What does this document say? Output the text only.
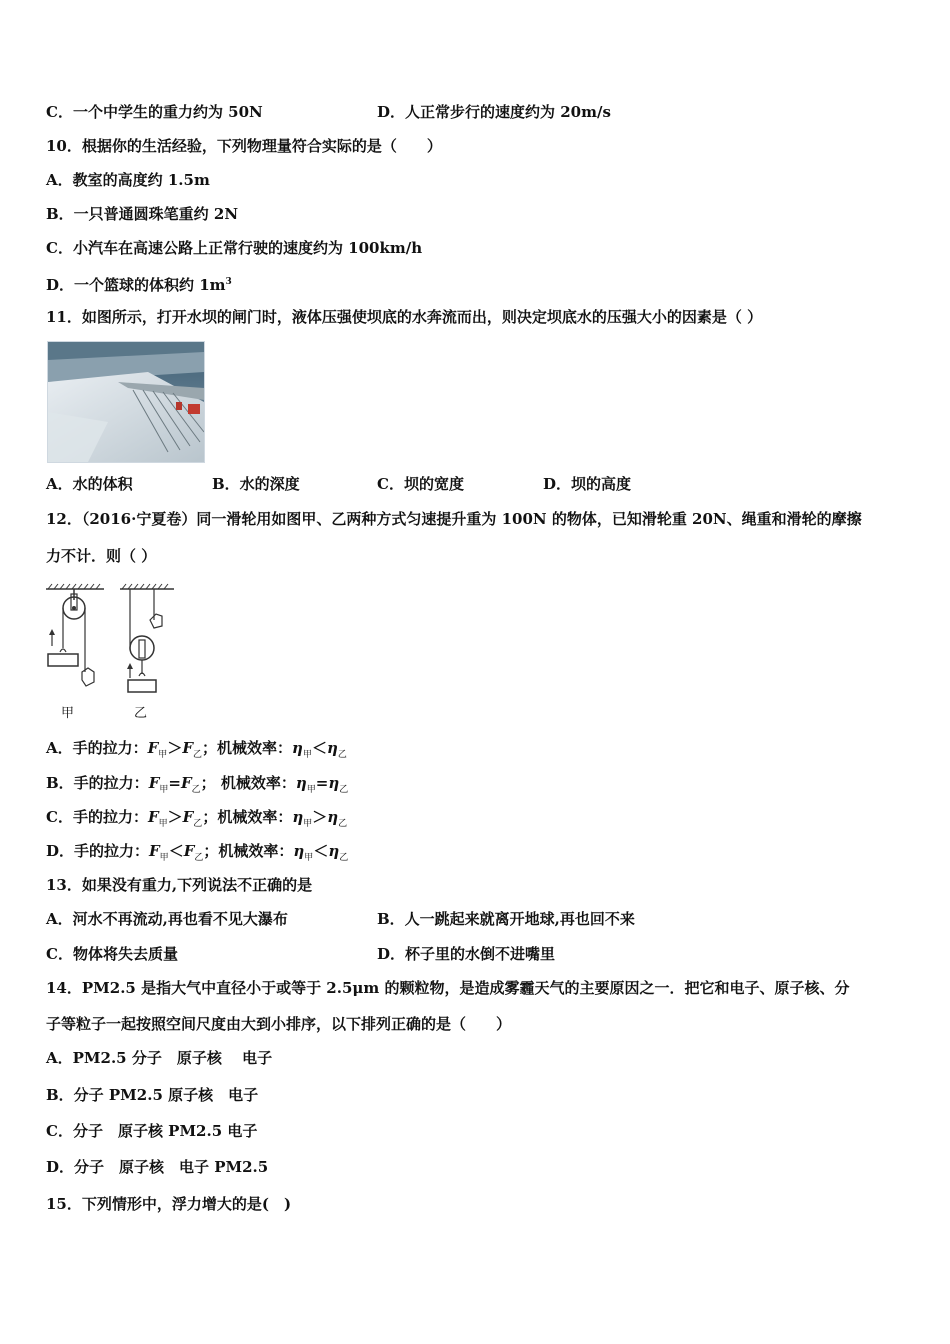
C．一个中学生的重力约为 50N	D．人正常步行的速度约为 20m/s
10．根据你的生活经验，下列物理量符合实际的是（　　）
A．教室的高度约 1.5m
B．一只普通圆珠笔重约 2N
C．小汽车在高速公路上正常行驶的速度约为 100km/h
D．一个篮球的体积约 $1m^3$
11．如图所示，打开水坝的闸门时，液体压强使坝底的水奔流而出，则决定坝底水的压强大小的因素是（ ）
A．水的体积	B．水的深度	C．坝的宽度	D．坝的高度
12．（2016·宁夏卷）同一滑轮用如图甲、乙两种方式匀速提升重为 100N 的物体，已知滑轮重 20N、绳重和滑轮的摩擦
力不计．则（ ）
甲	乙
A．手的拉力：$F_甲>F_乙$；机械效率：$\eta_甲<\eta_乙$
B．手的拉力：$F_甲=F_乙$； 机械效率：$\eta_甲=\eta_乙$
C．手的拉力：$F_甲>F_乙$；机械效率：$\eta_甲>\eta_乙$
D．手的拉力：$F_甲<F_乙$；机械效率：$\eta_甲<\eta_乙$
13．如果没有重力,下列说法不正确的是
A．河水不再流动,再也看不见大瀑布	B．人一跳起来就离开地球,再也回不来
C．物体将失去质量	D．杯子里的水倒不进嘴里
14．PM2.5 是指大气中直径小于或等于 2.5μm 的颗粒物，是造成雾霾天气的主要原因之一．把它和电子、原子核、分
子等粒子一起按照空间尺度由大到小排序，以下排列正确的是（　　）
A．PM2.5 分子　原子核　 电子
B．分子 PM2.5 原子核　电子
C．分子　原子核 PM2.5 电子
D．分子　原子核　电子 PM2.5
15．下列情形中，浮力增大的是(　)
